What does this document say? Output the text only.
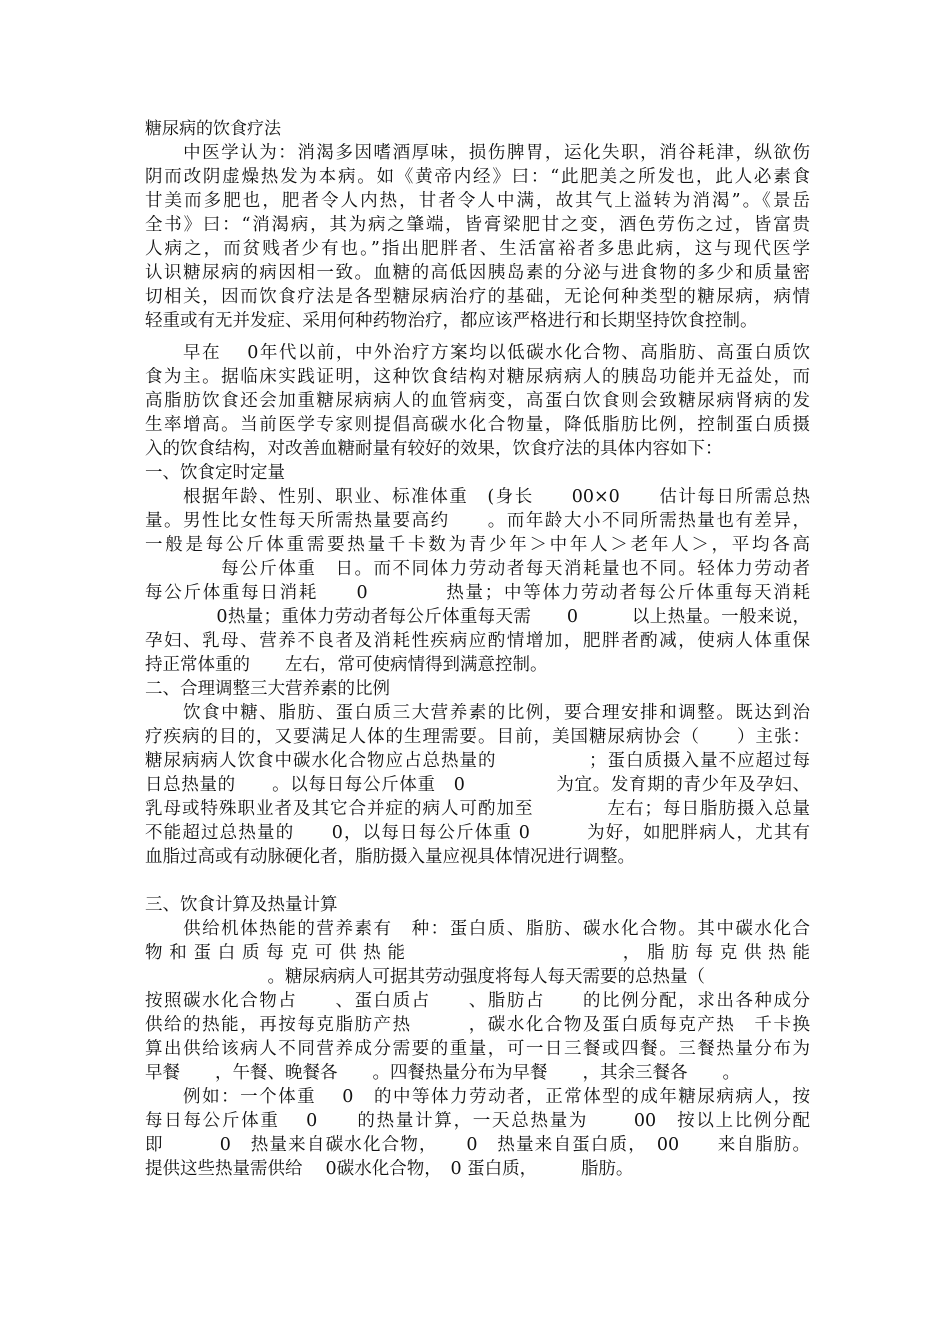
糖尿病的饮食疗法
　　中医学认为：消渴多因嗜酒厚味，损伤脾胃，运化失职，消谷耗津，纵欲伤
阴而改阴虚燥热发为本病。如《黄帝内经》曰：“此肥美之所发也，此人必素食
甘美而多肥也，肥者令人内热，甘者令人中满，故其气上溢转为消渴”。《景岳
全书》曰：“消渴病，其为病之肇端，皆膏梁肥甘之变，酒色劳伤之过，皆富贵
人病之，而贫贱者少有也。”指出肥胖者、生活富裕者多患此病，这与现代医学
认识糖尿病的病因相一致。血糖的高低因胰岛素的分泌与进食物的多少和质量密
切相关，因而饮食疗法是各型糖尿病治疗的基础，无论何种类型的糖尿病，病情
轻重或有无并发症、采用何种药物治疗，都应该严格进行和长期坚持饮食控制。
　　早在　 0年代以前，中外治疗方案均以低碳水化合物、高脂肪、高蛋白质饮
食为主。据临床实践证明，这种饮食结构对糖尿病病人的胰岛功能并无益处，而
高脂肪饮食还会加重糖尿病病人的血管病变，高蛋白饮食则会致糖尿病肾病的发
生率增高。当前医学专家则提倡高碳水化合物量，降低脂肪比例，控制蛋白质摄
入的饮食结构，对改善血糖耐量有较好的效果，饮食疗法的具体内容如下：
一、饮食定时定量
　　根据年龄、性别、职业、标准体重　(身长　　00×0　　估计每日所需总热
量。男性比女性每天所需热量要高约　　。而年龄大小不同所需热量也有差异，
一般是每公斤体重需要热量千卡数为青少年＞中年人＞老年人＞，平均各高
　　　　每公斤体重　日。而不同体力劳动者每天消耗量也不同。轻体力劳动者
每公斤体重每日消耗　　0　　　　热量；中等体力劳动者每公斤体重每天消耗
　　　　0热量；重体力劳动者每公斤体重每天需　　0　　　以上热量。一般来说，
孕妇、乳母、营养不良者及消耗性疾病应酌情增加，肥胖者酌减，使病人体重保
持正常体重的　　左右，常可使病情得到满意控制。
二、合理调整三大营养素的比例
　　饮食中糖、脂肪、蛋白质三大营养素的比例，要合理安排和调整。既达到治
疗疾病的目的，又要满足人体的生理需要。目前，美国糖尿病协会（　　）主张：
糖尿病病人饮食中碳水化合物应占总热量的　　　　　；蛋白质摄入量不应超过每
日总热量的　　。以每日每公斤体重　0　　　　　为宜。发育期的青少年及孕妇、
乳母或特殊职业者及其它合并症的病人可酌加至　　　　左右；每日脂肪摄入总量
不能超过总热量的　　0，以每日每公斤体重 0　　　为好，如肥胖病人，尤其有
血脂过高或有动脉硬化者，脂肪摄入量应视具体情况进行调整。
三、饮食计算及热量计算
　　供给机体热能的营养素有　种：蛋白质、脂肪、碳水化合物。其中碳水化合
物 和 蛋 白 质 每 克 可 供 热 能　　　　　　　　　　　　， 脂 肪 每 克 供 热 能
　　　　　　　。糖尿病病人可据其劳动强度将每人每天需要的总热量（
按照碳水化合物占　　、蛋白质占　　、脂肪占　　的比例分配，求出各种成分
供给的热能，再按每克脂肪产热　　　，碳水化合物及蛋白质每克产热　千卡换
算出供给该病人不同营养成分需要的重量，可一日三餐或四餐。三餐热量分布为
早餐　　，午餐、晚餐各　　。四餐热量分布为早餐　　，其余三餐各　　。
　　例如：一个体重　 0　的中等体力劳动者，正常体型的成年糖尿病病人，按
每日每公斤体重　 0　　的热量计算，一天总热量为　　 00　按以上比例分配
即　　　0　热量来自碳水化合物，　　0　热量来自蛋白质，　00　　来自脂肪。
提供这些热量需供给　 0碳水化合物，　0 蛋白质，　　　脂肪。
